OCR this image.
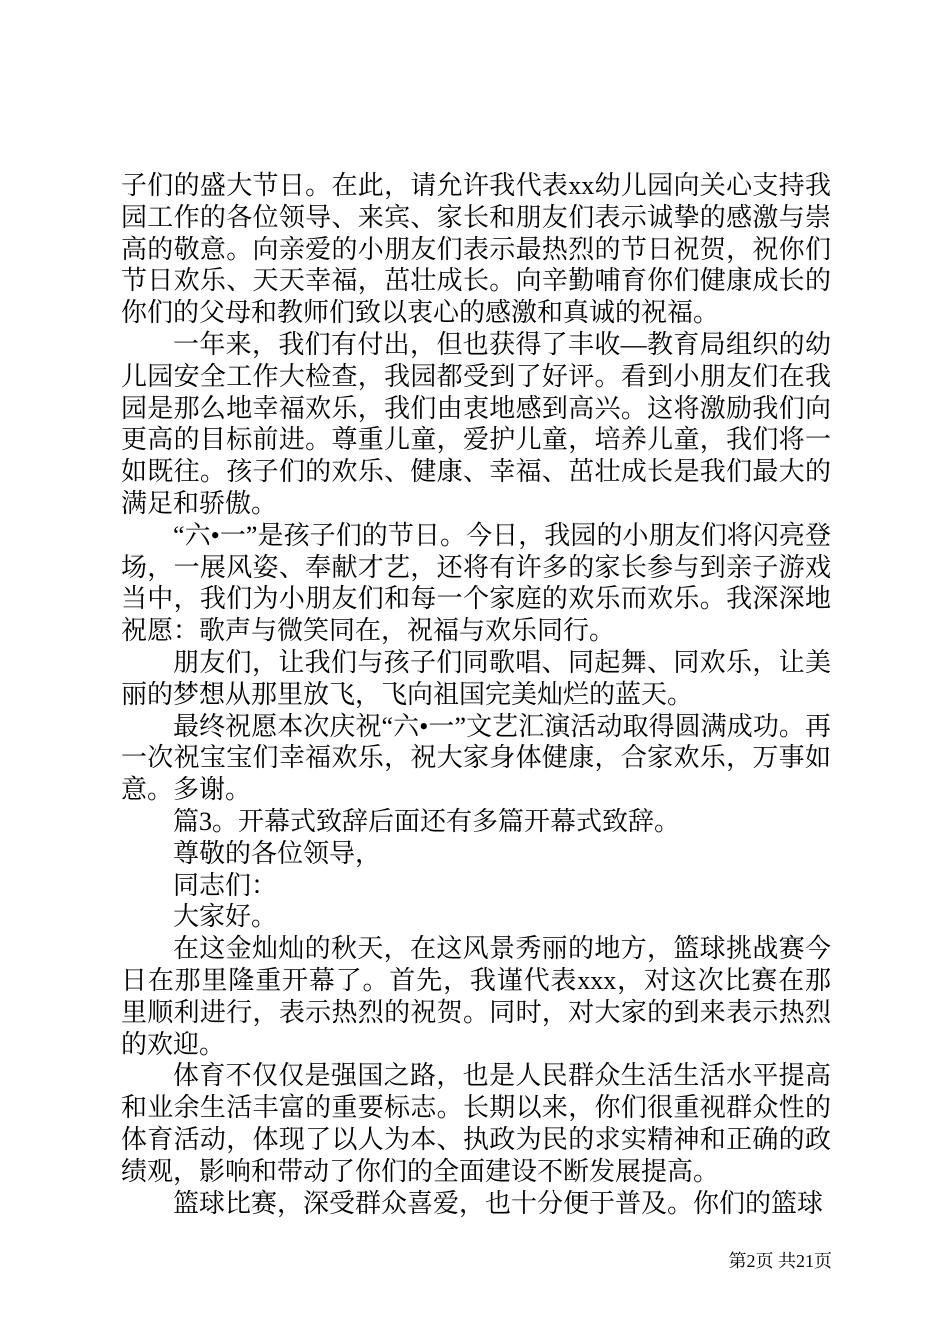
子们的盛大节日。在此，请允许我代表xx幼儿园向关心支持我园工作的各位领导、来宾、家长和朋友们表示诚挚的感激与崇高的敬意。向亲爱的小朋友们表示最热烈的节日祝贺，祝你们节日欢乐、天天幸福，茁壮成长。向辛勤哺育你们健康成长的你们的父母和教师们致以衷心的感激和真诚的祝福。

一年来，我们有付出，但也获得了丰收—教育局组织的幼儿园安全工作大检查，我园都受到了好评。看到小朋友们在我园是那么地幸福欢乐，我们由衷地感到高兴。这将激励我们向更高的目标前进。尊重儿童，爱护儿童，培养儿童，我们将一如既往。孩子们的欢乐、健康、幸福、茁壮成长是我们最大的满足和骄傲。

“六•一”是孩子们的节日。今日，我园的小朋友们将闪亮登场，一展风姿、奉献才艺，还将有许多的家长参与到亲子游戏当中，我们为小朋友们和每一个家庭的欢乐而欢乐。我深深地祝愿：歌声与微笑同在，祝福与欢乐同行。

朋友们，让我们与孩子们同歌唱、同起舞、同欢乐，让美丽的梦想从那里放飞，飞向祖国完美灿烂的蓝天。

最终祝愿本次庆祝“六•一”文艺汇演活动取得圆满成功。再一次祝宝宝们幸福欢乐，祝大家身体健康，合家欢乐，万事如意。多谢。

篇3。开幕式致辞后面还有多篇开幕式致辞。

尊敬的各位领导，

同志们：

大家好。

在这金灿灿的秋天，在这风景秀丽的地方，篮球挑战赛今日在那里隆重开幕了。首先，我谨代表xxx，对这次比赛在那里顺利进行，表示热烈的祝贺。同时，对大家的到来表示热烈的欢迎。

体育不仅仅是强国之路，也是人民群众生活生活水平提高和业余生活丰富的重要标志。长期以来，你们很重视群众性的体育活动，体现了以人为本、执政为民的求实精神和正确的政绩观，影响和带动了你们的全面建设不断发展提高。

篮球比赛，深受群众喜爱，也十分便于普及。你们的篮球

第2页 共21页
